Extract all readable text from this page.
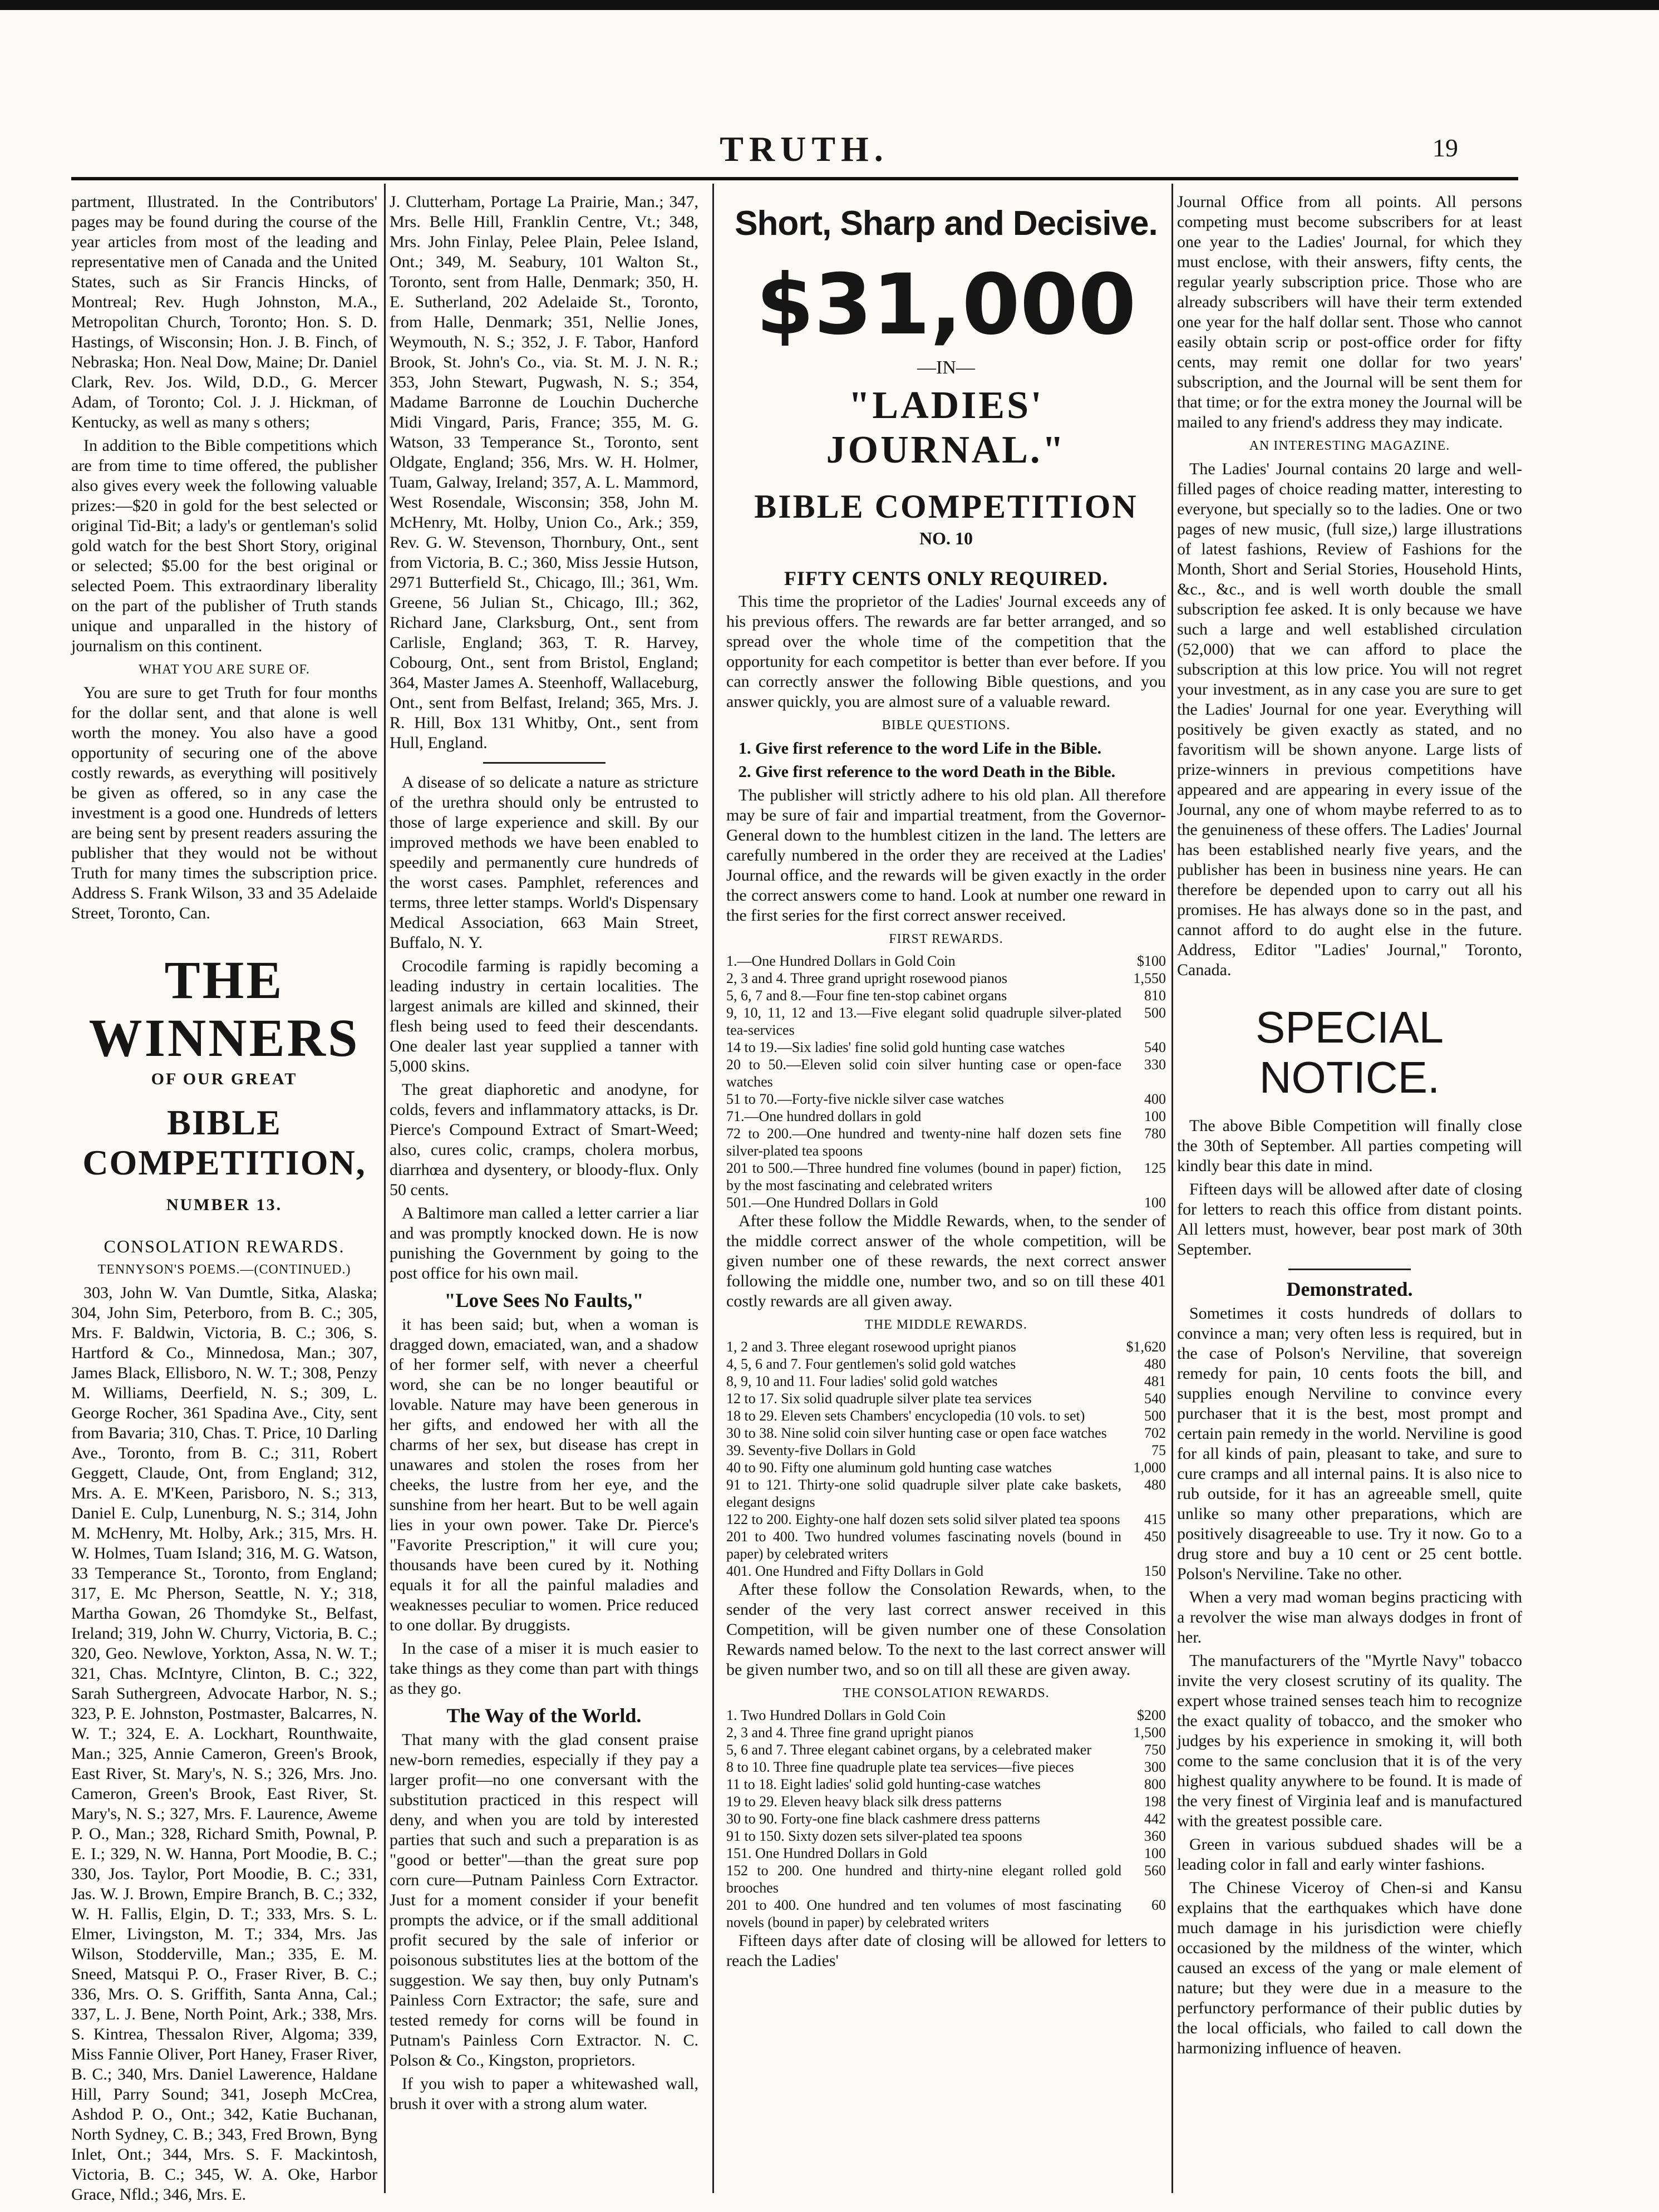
TRUTH.	19

partment, Illustrated. In the Contributors' pages may be found during the course of the year articles from most of the leading and representative men of Canada and the United States, such as Sir Francis Hincks, of Montreal; Rev. Hugh Johnston, M.A., Metropolitan Church, Toronto; Hon. S. D. Hastings, of Wisconsin; Hon. J. B. Finch, of Nebraska; Hon. Neal Dow, Maine; Dr. Daniel Clark, Rev. Jos. Wild, D.D., G. Mercer Adam, of Toronto; Col. J. J. Hickman, of Kentucky, as well as many s others;

In addition to the Bible competitions which are from time to time offered, the publisher also gives every week the following valuable prizes:—$20 in gold for the best selected or original Tid-Bit; a lady's or gentleman's solid gold watch for the best Short Story, original or selected; $5.00 for the best original or selected Poem. This extraordinary liberality on the part of the publisher of Truth stands unique and unparalled in the history of journalism on this continent.

WHAT YOU ARE SURE OF.

You are sure to get Truth for four months for the dollar sent, and that alone is well worth the money. You also have a good opportunity of securing one of the above costly rewards, as everything will positively be given as offered, so in any case the investment is a good one. Hundreds of letters are being sent by present readers assuring the publisher that they would not be without Truth for many times the subscription price. Address S. Frank Wilson, 33 and 35 Adelaide Street, Toronto, Can.

THE WINNERS
OF OUR GREAT
BIBLE COMPETITION,
NUMBER 13.
CONSOLATION REWARDS.
TENNYSON'S POEMS.—(CONTINUED.)

303, John W. Van Dumtle, Sitka, Alaska; 304, John Sim, Peterboro, from B. C.; 305, Mrs. F. Baldwin, Victoria, B. C.; 306, S. Hartford & Co., Minnedosa, Man.; 307, James Black, Ellisboro, N. W. T.; 308, Penzy M. Williams, Deerfield, N. S.; 309, L. George Rocher, 361 Spadina Ave., City, sent from Bavaria; 310, Chas. T. Price, 10 Darling Ave., Toronto, from B. C.; 311, Robert Geggett, Claude, Ont, from England; 312, Mrs. A. E. M'Keen, Parisboro, N. S.; 313, Daniel E. Culp, Lunenburg, N. S.; 314, John M. McHenry, Mt. Holby, Ark.; 315, Mrs. H. W. Holmes, Tuam Island; 316, M. G. Watson, 33 Temperance St., Toronto, from England; 317, E. Mc Pherson, Seattle, N. Y.; 318, Martha Gowan, 26 Thomdyke St., Belfast, Ireland; 319, John W. Churry, Victoria, B. C.; 320, Geo. Newlove, Yorkton, Assa, N. W. T.; 321, Chas. McIntyre, Clinton, B. C.; 322, Sarah Suthergreen, Advocate Harbor, N. S.; 323, P. E. Johnston, Postmaster, Balcarres, N. W. T.; 324, E. A. Lockhart, Rounthwaite, Man.; 325, Annie Cameron, Green's Brook, East River, St. Mary's, N. S.; 326, Mrs. Jno. Cameron, Green's Brook, East River, St. Mary's, N. S.; 327, Mrs. F. Laurence, Aweme P. O., Man.; 328, Richard Smith, Pownal, P. E. I.; 329, N. W. Hanna, Port Moodie, B. C.; 330, Jos. Taylor, Port Moodie, B. C.; 331, Jas. W. J. Brown, Empire Branch, B. C.; 332, W. H. Fallis, Elgin, D. T.; 333, Mrs. S. L. Elmer, Livingston, M. T.; 334, Mrs. Jas Wilson, Stodderville, Man.; 335, E. M. Sneed, Matsqui P. O., Fraser River, B. C.; 336, Mrs. O. S. Griffith, Santa Anna, Cal.; 337, L. J. Bene, North Point, Ark.; 338, Mrs. S. Kintrea, Thessalon River, Algoma; 339, Miss Fannie Oliver, Port Haney, Fraser River, B. C.; 340, Mrs. Daniel Lawerence, Haldane Hill, Parry Sound; 341, Joseph McCrea, Ashdod P. O., Ont.; 342, Katie Buchanan, North Sydney, C. B.; 343, Fred Brown, Byng Inlet, Ont.; 344, Mrs. S. F. Mackintosh, Victoria, B. C.; 345, W. A. Oke, Harbor Grace, Nfld.; 346, Mrs. E.

J. Clutterham, Portage La Prairie, Man.; 347, Mrs. Belle Hill, Franklin Centre, Vt.; 348, Mrs. John Finlay, Pelee Plain, Pelee Island, Ont.; 349, M. Seabury, 101 Walton St., Toronto, sent from Halle, Denmark; 350, H. E. Sutherland, 202 Adelaide St., Toronto, from Halle, Denmark; 351, Nellie Jones, Weymouth, N. S.; 352, J. F. Tabor, Hanford Brook, St. John's Co., via. St. M. J. N. R.; 353, John Stewart, Pugwash, N. S.; 354, Madame Barronne de Louchin Ducherche Midi Vingard, Paris, France; 355, M. G. Watson, 33 Temperance St., Toronto, sent Oldgate, England; 356, Mrs. W. H. Holmer, Tuam, Galway, Ireland; 357, A. L. Mammord, West Rosendale, Wisconsin; 358, John M. McHenry, Mt. Holby, Union Co., Ark.; 359, Rev. G. W. Stevenson, Thornbury, Ont., sent from Victoria, B. C.; 360, Miss Jessie Hutson, 2971 Butterfield St., Chicago, Ill.; 361, Wm. Greene, 56 Julian St., Chicago, Ill.; 362, Richard Jane, Clarksburg, Ont., sent from Carlisle, England; 363, T. R. Harvey, Cobourg, Ont., sent from Bristol, England; 364, Master James A. Steenhoff, Wallaceburg, Ont., sent from Belfast, Ireland; 365, Mrs. J. R. Hill, Box 131 Whitby, Ont., sent from Hull, England.

A disease of so delicate a nature as stricture of the urethra should only be entrusted to those of large experience and skill. By our improved methods we have been enabled to speedily and permanently cure hundreds of the worst cases. Pamphlet, references and terms, three letter stamps. World's Dispensary Medical Association, 663 Main Street, Buffalo, N. Y.

Crocodile farming is rapidly becoming a leading industry in certain localities. The largest animals are killed and skinned, their flesh being used to feed their descendants. One dealer last year supplied a tanner with 5,000 skins.

The great diaphoretic and anodyne, for colds, fevers and inflammatory attacks, is Dr. Pierce's Compound Extract of Smart-Weed; also, cures colic, cramps, cholera morbus, diarrhœa and dysentery, or bloody-flux. Only 50 cents.

A Baltimore man called a letter carrier a liar and was promptly knocked down. He is now punishing the Government by going to the post office for his own mail.

"Love Sees No Faults,"

it has been said; but, when a woman is dragged down, emaciated, wan, and a shadow of her former self, with never a cheerful word, she can be no longer beautiful or lovable. Nature may have been generous in her gifts, and endowed her with all the charms of her sex, but disease has crept in unawares and stolen the roses from her cheeks, the lustre from her eye, and the sunshine from her heart. But to be well again lies in your own power. Take Dr. Pierce's "Favorite Prescription," it will cure you; thousands have been cured by it. Nothing equals it for all the painful maladies and weaknesses peculiar to women. Price reduced to one dollar. By druggists.

In the case of a miser it is much easier to take things as they come than part with things as they go.

The Way of the World.

That many with the glad consent praise new-born remedies, especially if they pay a larger profit—no one conversant with the substitution practiced in this respect will deny, and when you are told by interested parties that such and such a preparation is as "good or better"—than the great sure pop corn cure—Putnam Painless Corn Extractor. Just for a moment consider if your benefit prompts the advice, or if the small additional profit secured by the sale of inferior or poisonous substitutes lies at the bottom of the suggestion. We say then, buy only Putnam's Painless Corn Extractor; the safe, sure and tested remedy for corns will be found in Putnam's Painless Corn Extractor. N. C. Polson & Co., Kingston, proprietors.

If you wish to paper a whitewashed wall, brush it over with a strong alum water.

Short, Sharp and Decisive.
$31,000
—IN—
"LADIES' JOURNAL."
BIBLE COMPETITION
NO. 10
FIFTY CENTS ONLY REQUIRED.

This time the proprietor of the Ladies' Journal exceeds any of his previous offers. The rewards are far better arranged, and so spread over the whole time of the competition that the opportunity for each competitor is better than ever before. If you can correctly answer the following Bible questions, and you answer quickly, you are almost sure of a valuable reward.

BIBLE QUESTIONS.

1. Give first reference to the word Life in the Bible.

2. Give first reference to the word Death in the Bible.

The publisher will strictly adhere to his old plan. All therefore may be sure of fair and impartial treatment, from the Governor-General down to the humblest citizen in the land. The letters are carefully numbered in the order they are received at the Ladies' Journal office, and the rewards will be given exactly in the order the correct answers come to hand. Look at number one reward in the first series for the first correct answer received.

FIRST REWARDS.

1.—One Hundred Dollars in Gold Coin	$100
2, 3 and 4. Three grand upright rosewood pianos	1,550
5, 6, 7 and 8.—Four fine ten-stop cabinet organs	810
9, 10, 11, 12 and 13.—Five elegant solid quadruple silver-plated tea-services
500
14 to 19.—Six ladies' fine solid gold hunting case watches	540
20 to 50.—Eleven solid coin silver hunting case or open-face watches
330
51 to 70.—Forty-five nickle silver case watches	400
71.—One hundred dollars in gold	100
72 to 200.—One hundred and twenty-nine half dozen sets fine silver-plated tea spoons
780
201 to 500.—Three hundred fine volumes (bound in paper) fiction, by the most fascinating and celebrated writers
125
501.—One Hundred Dollars in Gold	100

After these follow the Middle Rewards, when, to the sender of the middle correct answer of the whole competition, will be given number one of these rewards, the next correct answer following the middle one, number two, and so on till these 401 costly rewards are all given away.

THE MIDDLE REWARDS.

1, 2 and 3. Three elegant rosewood upright pianos	$1,620
4, 5, 6 and 7. Four gentlemen's solid gold watches	480
8, 9, 10 and 11. Four ladies' solid gold watches	481
12 to 17. Six solid quadruple silver plate tea services	540
18 to 29. Eleven sets Chambers' encyclopedia (10 vols. to set)	500
30 to 38. Nine solid coin silver hunting case or open face watches	702
39. Seventy-five Dollars in Gold	75
40 to 90. Fifty one aluminum gold hunting case watches	1,000
91 to 121. Thirty-one solid quadruple silver plate cake baskets, elegant designs
480
122 to 200. Eighty-one half dozen sets solid silver plated tea spoons	415
201 to 400. Two hundred volumes fascinating novels (bound in paper) by celebrated writers
450
401. One Hundred and Fifty Dollars in Gold	150

After these follow the Consolation Rewards, when, to the sender of the very last correct answer received in this Competition, will be given number one of these Consolation Rewards named below. To the next to the last correct answer will be given number two, and so on till all these are given away.

THE CONSOLATION REWARDS.

1. Two Hundred Dollars in Gold Coin	$200
2, 3 and 4. Three fine grand upright pianos	1,500
5, 6 and 7. Three elegant cabinet organs, by a celebrated maker	750
8 to 10. Three fine quadruple plate tea services—five pieces	300
11 to 18. Eight ladies' solid gold hunting-case watches	800
19 to 29. Eleven heavy black silk dress patterns	198
30 to 90. Forty-one fine black cashmere dress patterns	442
91 to 150. Sixty dozen sets silver-plated tea spoons	360
151. One Hundred Dollars in Gold	100
152 to 200. One hundred and thirty-nine elegant rolled gold brooches
560
201 to 400. One hundred and ten volumes of most fascinating novels (bound in paper) by celebrated writers
60

Fifteen days after date of closing will be allowed for letters to reach the Ladies'

Journal Office from all points. All persons competing must become subscribers for at least one year to the Ladies' Journal, for which they must enclose, with their answers, fifty cents, the regular yearly subscription price. Those who are already subscribers will have their term extended one year for the half dollar sent. Those who cannot easily obtain scrip or post-office order for fifty cents, may remit one dollar for two years' subscription, and the Journal will be sent them for that time; or for the extra money the Journal will be mailed to any friend's address they may indicate.

AN INTERESTING MAGAZINE.

The Ladies' Journal contains 20 large and well-filled pages of choice reading matter, interesting to everyone, but specially so to the ladies. One or two pages of new music, (full size,) large illustrations of latest fashions, Review of Fashions for the Month, Short and Serial Stories, Household Hints, &c., &c., and is well worth double the small subscription fee asked. It is only because we have such a large and well established circulation (52,000) that we can afford to place the subscription at this low price. You will not regret your investment, as in any case you are sure to get the Ladies' Journal for one year. Everything will positively be given exactly as stated, and no favoritism will be shown anyone. Large lists of prize-winners in previous competitions have appeared and are appearing in every issue of the Journal, any one of whom maybe referred to as to the genuineness of these offers. The Ladies' Journal has been established nearly five years, and the publisher has been in business nine years. He can therefore be depended upon to carry out all his promises. He has always done so in the past, and cannot afford to do aught else in the future. Address, Editor "Ladies' Journal," Toronto, Canada.

SPECIAL NOTICE.

The above Bible Competition will finally close the 30th of September. All parties competing will kindly bear this date in mind.

Fifteen days will be allowed after date of closing for letters to reach this office from distant points. All letters must, however, bear post mark of 30th September.

Demonstrated.

Sometimes it costs hundreds of dollars to convince a man; very often less is required, but in the case of Polson's Nerviline, that sovereign remedy for pain, 10 cents foots the bill, and supplies enough Nerviline to convince every purchaser that it is the best, most prompt and certain pain remedy in the world. Nerviline is good for all kinds of pain, pleasant to take, and sure to cure cramps and all internal pains. It is also nice to rub outside, for it has an agreeable smell, quite unlike so many other preparations, which are positively disagreeable to use. Try it now. Go to a drug store and buy a 10 cent or 25 cent bottle. Polson's Nerviline. Take no other.

When a very mad woman begins practicing with a revolver the wise man always dodges in front of her.

The manufacturers of the "Myrtle Navy" tobacco invite the very closest scrutiny of its quality. The expert whose trained senses teach him to recognize the exact quality of tobacco, and the smoker who judges by his experience in smoking it, will both come to the same conclusion that it is of the very highest quality anywhere to be found. It is made of the very finest of Virginia leaf and is manufactured with the greatest possible care.

Green in various subdued shades will be a leading color in fall and early winter fashions.

The Chinese Viceroy of Chen-si and Kansu explains that the earthquakes which have done much damage in his jurisdiction were chiefly occasioned by the mildness of the winter, which caused an excess of the yang or male element of nature; but they were due in a measure to the perfunctory performance of their public duties by the local officials, who failed to call down the harmonizing influence of heaven.
